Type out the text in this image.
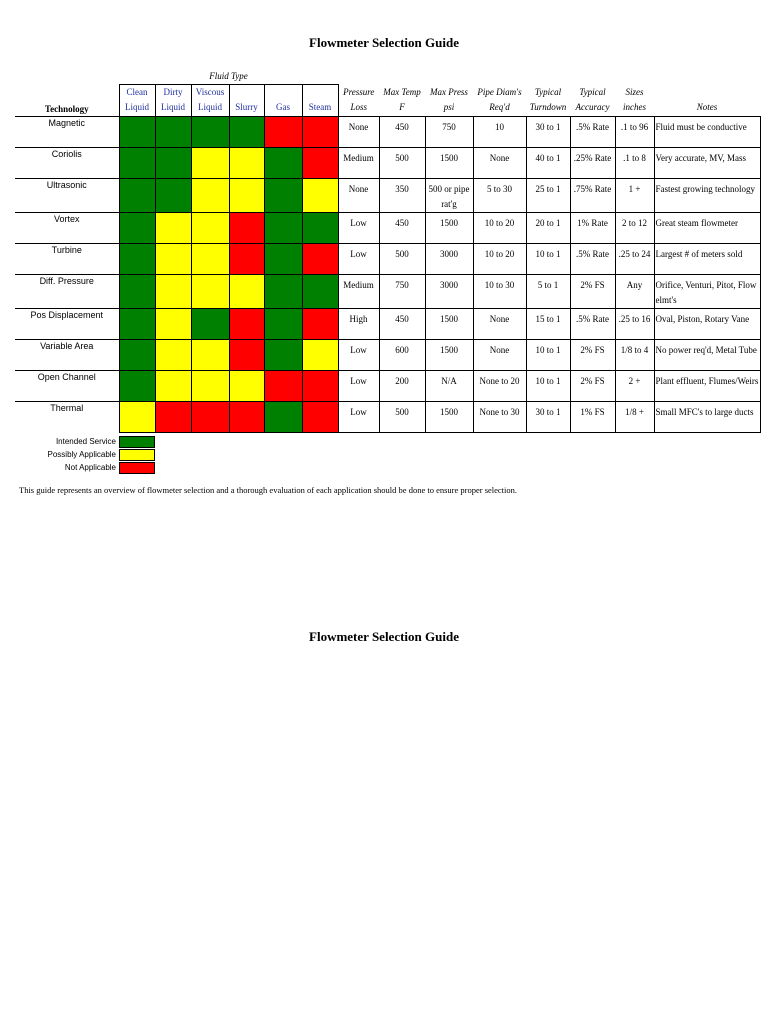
Flowmeter Selection Guide
	Fluid Type													
Technology	Clean	Dirty	Viscous				Pressure	Max Temp	Max Press	Pipe Diam's	Typical	Typical	Sizes	
	Liquid	Liquid	Liquid	Slurry	Gas	Steam	Loss	F	psi	Req'd	Turndown	Accuracy	inches	Notes
Magnetic							None	450	750	10	30 to 1	.5% Rate	.1 to 96	Fluid must be conductive
Coriolis							Medium	500	1500	None	40 to 1	.25% Rate	.1 to 8	Very accurate, MV, Mass
Ultrasonic							None	350	500 or pipe rat'g	5 to 30	25 to 1	.75% Rate	1 +	Fastest growing technology
Vortex							Low	450	1500	10 to 20	20 to 1	1% Rate	2 to 12	Great steam flowmeter
Turbine							Low	500	3000	10 to 20	10 to 1	.5% Rate	.25 to 24	Largest # of meters sold
Diff. Pressure							Medium	750	3000	10 to 30	5 to 1	2% FS	Any	Orifice, Venturi, Pitot, Flow elmt's
Pos Displacement							High	450	1500	None	15 to 1	.5% Rate	.25 to 16	Oval, Piston, Rotary Vane
Variable Area							Low	600	1500	None	10 to 1	2% FS	1/8 to 4	No power req'd, Metal Tube
Open Channel							Low	200	N/A	None to 20	10 to 1	2% FS	2 +	Plant effluent, Flumes/Weirs
Thermal							Low	500	1500	None to 30	30 to 1	1% FS	1/8 +	Small MFC's to large ducts
Intended Service
Possibly Applicable
Not Applicable
This guide represents an overview of flowmeter selection and a thorough evaluation of each application should be done to ensure proper selection.
Flowmeter Selection Guide
